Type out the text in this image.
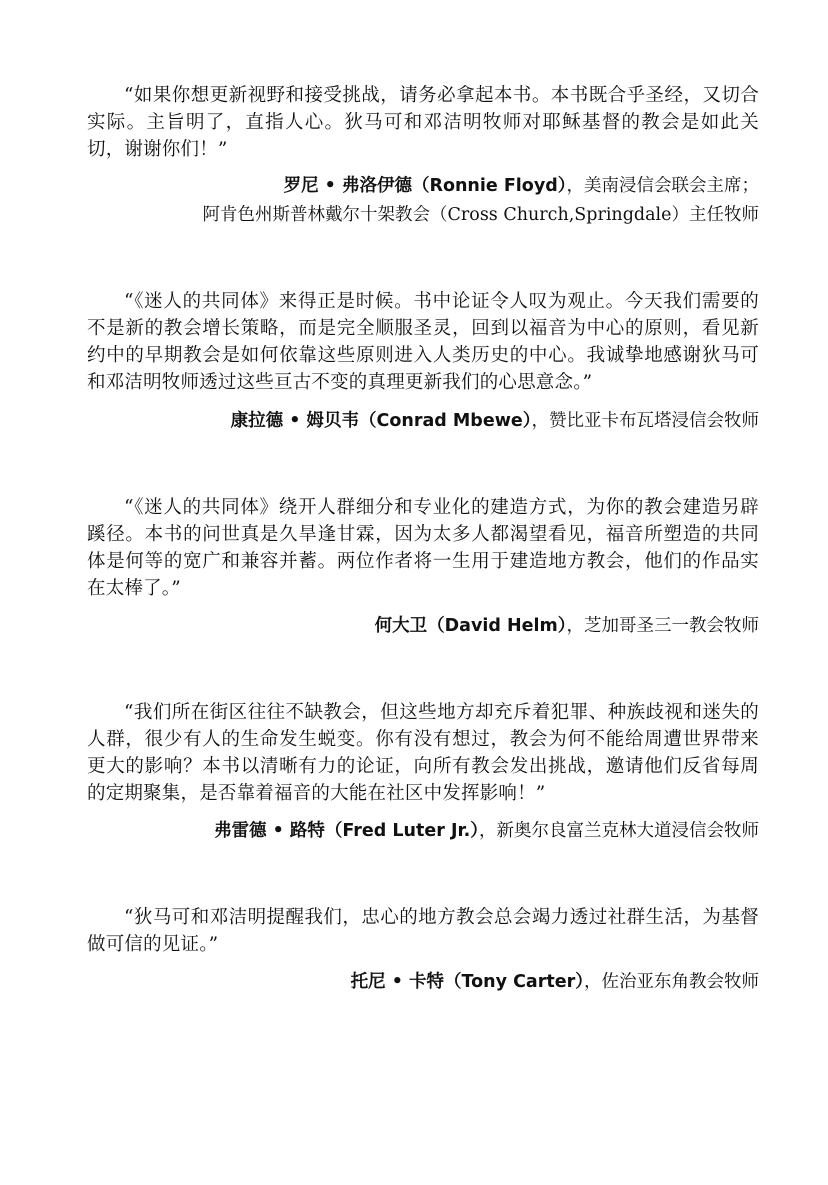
“如果你想更新视野和接受挑战，请务必拿起本书。本书既合乎圣经，又切合实际。主旨明了，直指人心。狄马可和邓洁明牧师对耶稣基督的教会是如此关切，谢谢你们！”

罗尼 • 弗洛伊德（Ronnie Floyd），美南浸信会联会主席；
阿肯色州斯普林戴尔十架教会（Cross Church,Springdale）主任牧师

“《迷人的共同体》来得正是时候。书中论证令人叹为观止。今天我们需要的不是新的教会增长策略，而是完全顺服圣灵，回到以福音为中心的原则，看见新约中的早期教会是如何依靠这些原则进入人类历史的中心。我诚挚地感谢狄马可和邓洁明牧师透过这些亘古不变的真理更新我们的心思意念。”

康拉德 • 姆贝韦（Conrad Mbewe），赞比亚卡布瓦塔浸信会牧师

“《迷人的共同体》绕开人群细分和专业化的建造方式，为你的教会建造另辟蹊径。本书的问世真是久旱逢甘霖，因为太多人都渴望看见，福音所塑造的共同体是何等的宽广和兼容并蓄。两位作者将一生用于建造地方教会，他们的作品实在太棒了。”

何大卫（David Helm），芝加哥圣三一教会牧师

“我们所在街区往往不缺教会，但这些地方却充斥着犯罪、种族歧视和迷失的人群，很少有人的生命发生蜕变。你有没有想过，教会为何不能给周遭世界带来更大的影响？本书以清晰有力的论证，向所有教会发出挑战，邀请他们反省每周的定期聚集，是否靠着福音的大能在社区中发挥影响！”

弗雷德 • 路特（Fred Luter Jr.），新奥尔良富兰克林大道浸信会牧师

“狄马可和邓洁明提醒我们，忠心的地方教会总会竭力透过社群生活，为基督做可信的见证。”

托尼 • 卡特（Tony Carter），佐治亚东角教会牧师
